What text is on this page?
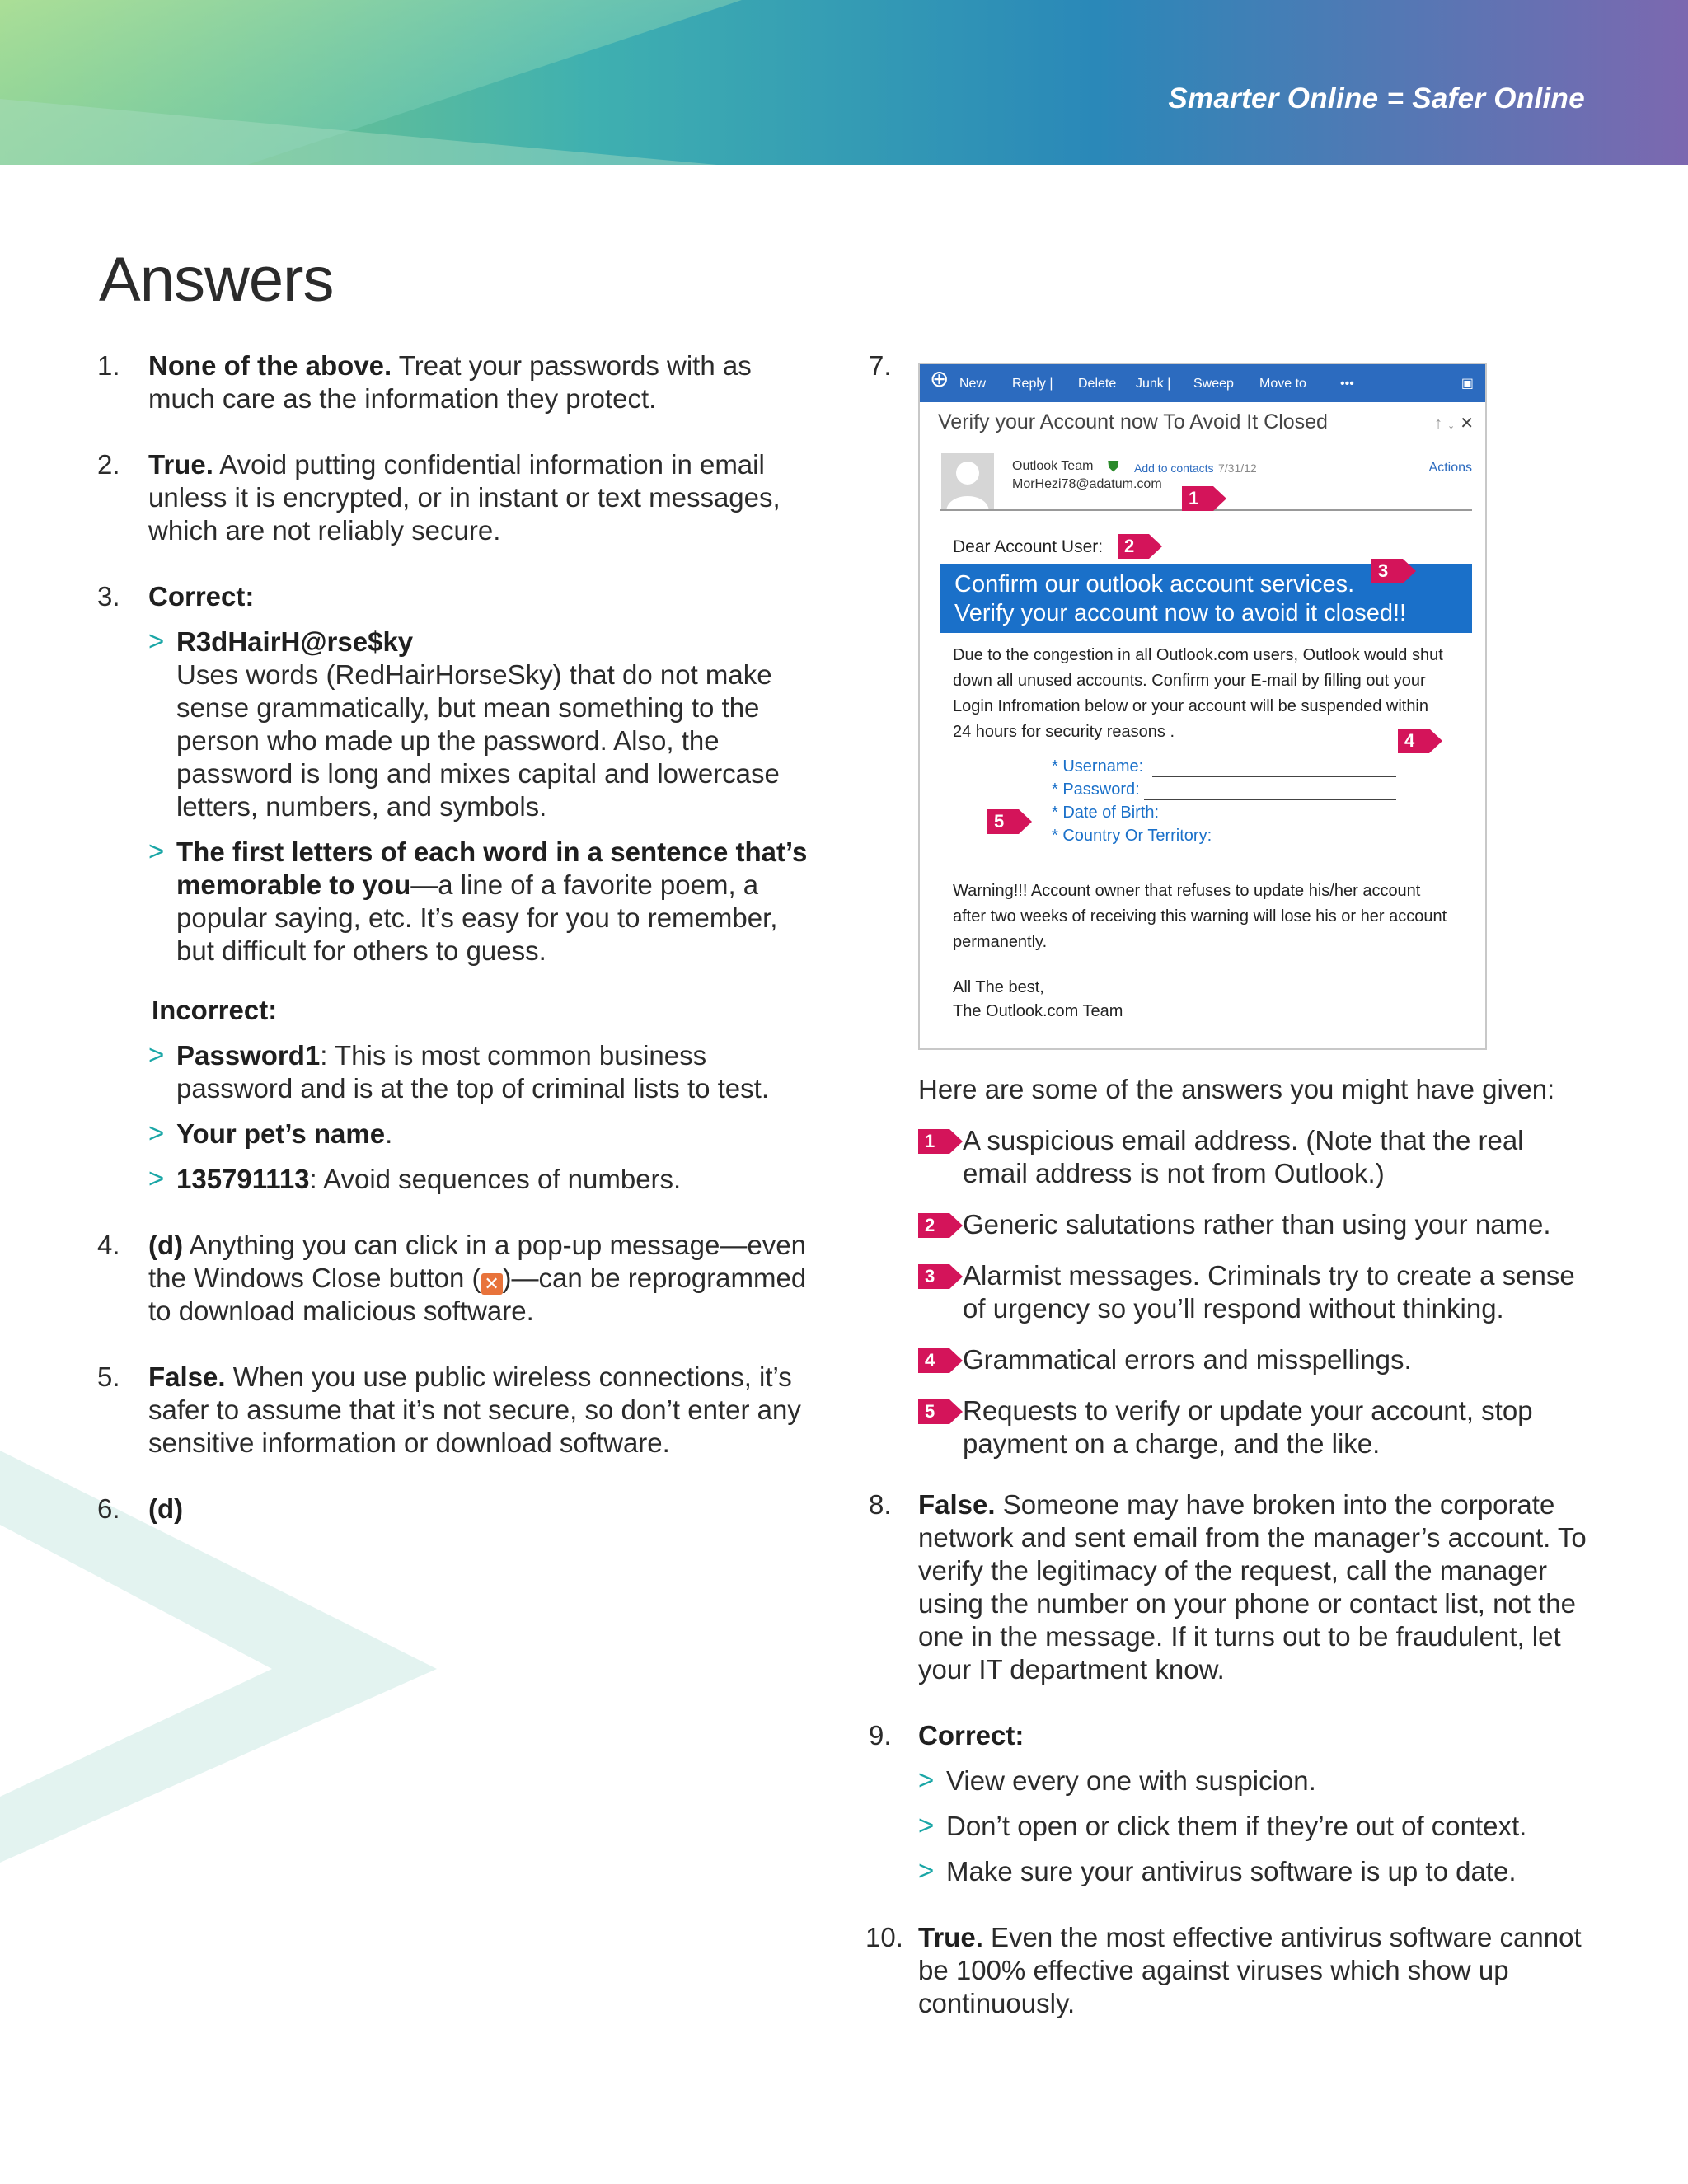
Smarter Online = Safer Online
Answers
1. None of the above. Treat your passwords with as much care as the information they protect.
2. True. Avoid putting confidential information in email unless it is encrypted, or in instant or text messages, which are not reliably secure.
3. Correct:
> R3dHairH@rse$ky
Uses words (RedHairHorseSky) that do not make sense grammatically, but mean something to the person who made up the password. Also, the password is long and mixes capital and lowercase letters, numbers, and symbols.
> The first letters of each word in a sentence that’s memorable to you—a line of a favorite poem, a popular saying, etc. It’s easy for you to remember, but difficult for others to guess.
Incorrect:
> Password1: This is most common business password and is at the top of criminal lists to test.
> Your pet’s name.
> 135791113: Avoid sequences of numbers.
4. (d) Anything you can click in a pop-up message—even the Windows Close button ( ✕ )—can be reprogrammed to download malicious software.
5. False. When you use public wireless connections, it’s safer to assume that it’s not secure, so don’t enter any sensitive information or download software.
6. (d)
7. ⊕ New Reply | Delete Junk | Sweep Move to	•••	▣
Verify your Account now To Avoid It Closed	↑ ↓ ✕
Outlook Team ⛊ Add to contacts 7/31/12
MorHezi78@adatum.com
Actions
1
Dear Account User:	2
Confirm our outlook account services.
Verify your account now to avoid it closed!!
3
Due to the congestion in all Outlook.com users, Outlook would shut down all unused accounts. Confirm your E-mail by filling out your Login Infromation below or your account will be suspended within 24 hours for security reasons .	4
* Username:
* Password:
* Date of Birth:
* Country Or Territory:
5
Warning!!! Account owner that refuses to update his/her account after two weeks of receiving this warning will lose his or her account permanently.
All The best,
The Outlook.com Team
Here are some of the answers you might have given:
1	A suspicious email address. (Note that the real email address is not from Outlook.)
2	Generic salutations rather than using your name.
3	Alarmist messages. Criminals try to create a sense of urgency so you’ll respond without thinking.
4	Grammatical errors and misspellings.
5	Requests to verify or update your account, stop payment on a charge, and the like.
8. False. Someone may have broken into the corporate network and sent email from the manager’s account. To verify the legitimacy of the request, call the manager using the number on your phone or contact list, not the one in the message. If it turns out to be fraudulent, let your IT department know.
9. Correct:
> View every one with suspicion.
> Don’t open or click them if they’re out of context.
> Make sure your antivirus software is up to date.
10. True. Even the most effective antivirus software cannot be 100% effective against viruses which show up continuously.
